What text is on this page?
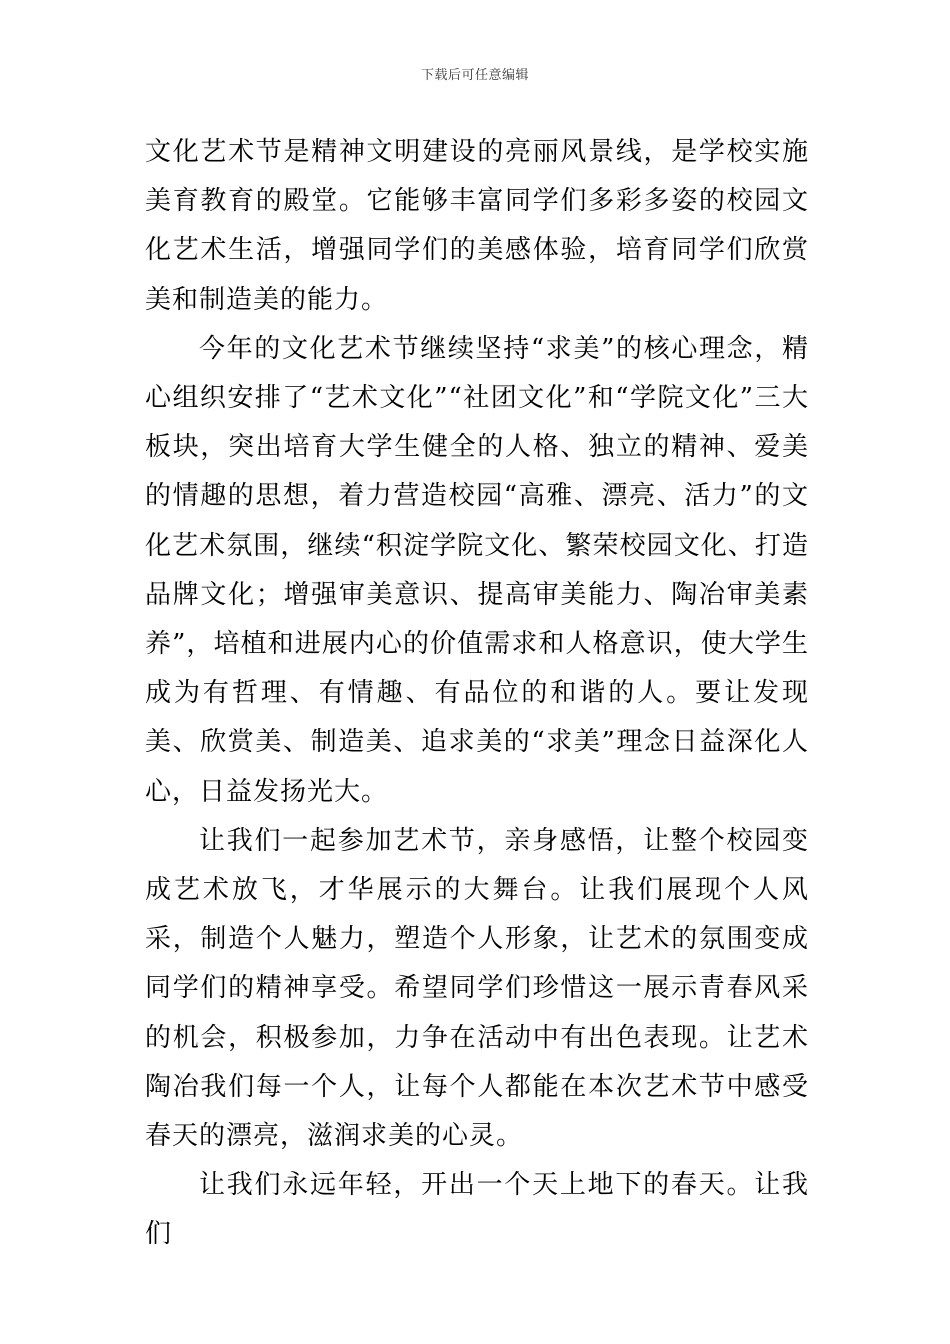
下载后可任意编辑

文化艺术节是精神文明建设的亮丽风景线，是学校实施美育教育的殿堂。它能够丰富同学们多彩多姿的校园文化艺术生活，增强同学们的美感体验，培育同学们欣赏美和制造美的能力。

今年的文化艺术节继续坚持“求美”的核心理念，精心组织安排了“艺术文化”“社团文化”和“学院文化”三大板块，突出培育大学生健全的人格、独立的精神、爱美的情趣的思想，着力营造校园“高雅、漂亮、活力”的文化艺术氛围，继续“积淀学院文化、繁荣校园文化、打造品牌文化；增强审美意识、提高审美能力、陶冶审美素养”，培植和进展内心的价值需求和人格意识，使大学生成为有哲理、有情趣、有品位的和谐的人。要让发现美、欣赏美、制造美、追求美的“求美”理念日益深化人心，日益发扬光大。

让我们一起参加艺术节，亲身感悟，让整个校园变成艺术放飞，才华展示的大舞台。让我们展现个人风采，制造个人魅力，塑造个人形象，让艺术的氛围变成同学们的精神享受。希望同学们珍惜这一展示青春风采的机会，积极参加，力争在活动中有出色表现。让艺术陶冶我们每一个人，让每个人都能在本次艺术节中感受春天的漂亮，滋润求美的心灵。

让我们永远年轻，开出一个天上地下的春天。让我们
